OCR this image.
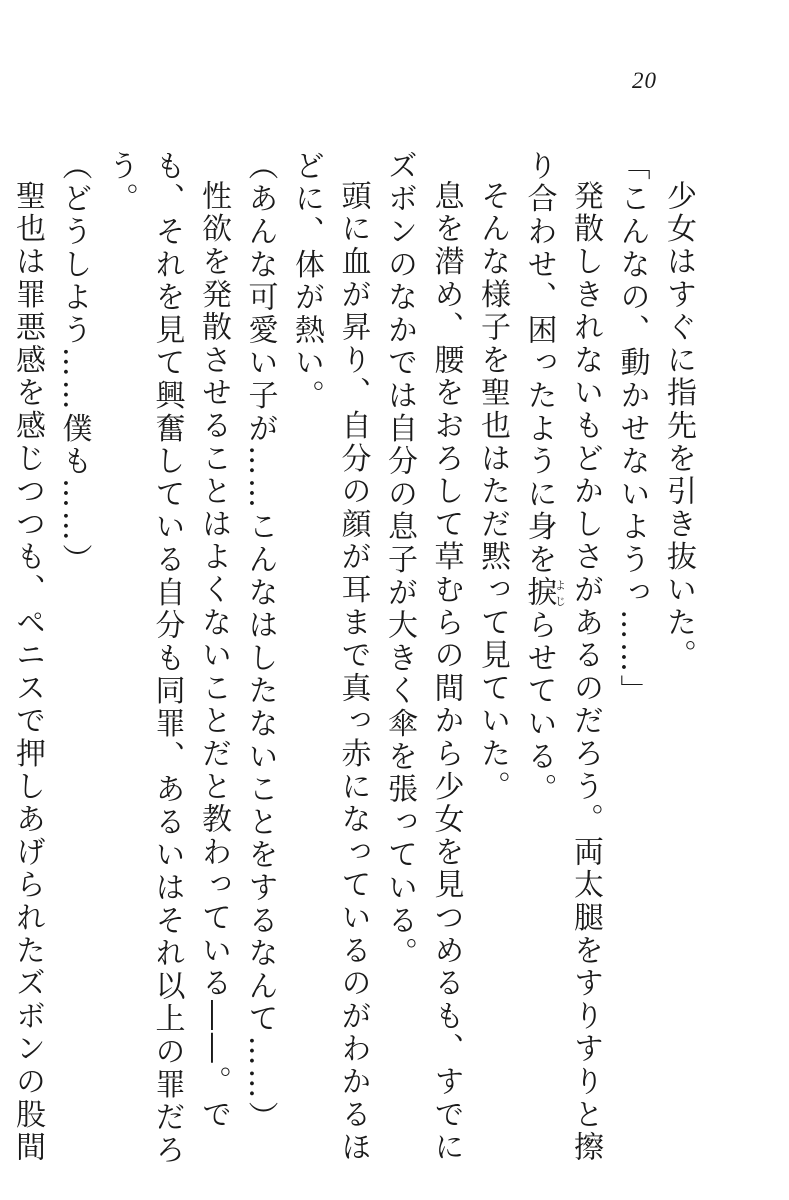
20

少女はすぐに指先を引き抜いた。

「こんなの、動かせないようっ……」

発散しきれないもどかしさがあるのだろう。両太腿をすりすりと擦り合わせ、困ったように身を捩よじらせている。

そんな様子を聖也はただ黙って見ていた。

息を潜め、腰をおろして草むらの間から少女を見つめるも、すでにズボンのなかでは自分の息子が大きく傘を張っている。

頭に血が昇り、自分の顔が耳まで真っ赤になっているのがわかるほどに、体が熱い。

（あんな可愛い子が……こんなはしたないことをするなんて……）

性欲を発散させることはよくないことだと教わっている――。でも、それを見て興奮している自分も同罪、あるいはそれ以上の罪だろう。

（どうしよう……僕も……）

聖也は罪悪感を感じつつも、ペニスで押しあげられたズボンの股間
